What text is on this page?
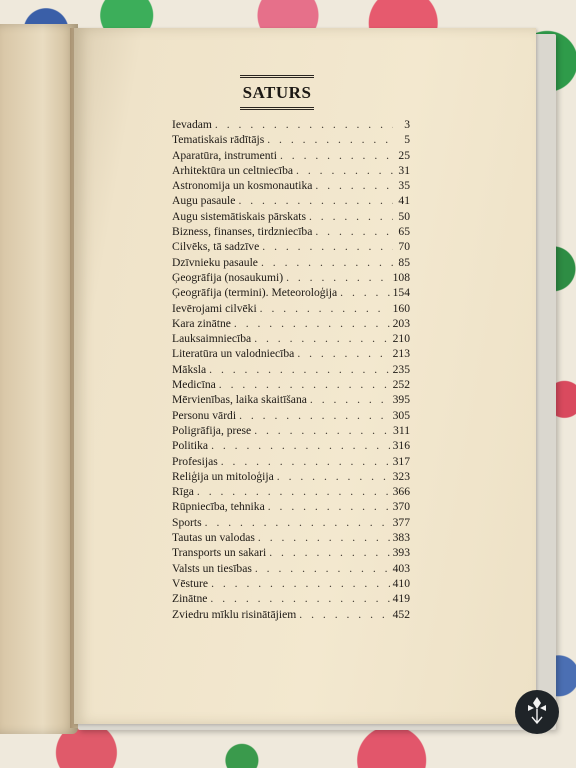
SATURS
Ievadam . . .	3
Tematiskais rādītājs . . .	5
Aparatūra, instrumenti . . .	25
Arhitektūra un celtniecība . . .	31
Astronomija un kosmonautika . . .	35
Augu pasaule . . .	41
Augu sistemātiskais pārskats . . .	50
Bizness, finanses, tirdzniecība . . .	65
Cilvēks, tā sadzīve . . .	70
Dzīvnieku pasaule . . .	85
Ģeogrāfija (nosaukumi) . . .	108
Ģeogrāfija (termini). Meteoroloģija . . .	154
Ievērojami cilvēki . . .	160
Kara zinātne . . .	203
Lauksaimniecība . . .	210
Literatūra un valodniecība . . .	213
Māksla . . .	235
Medicīna . . .	252
Mērvienības, laika skaitīšana . . .	395
Personu vārdi . . .	305
Poligrāfija, prese . . .	311
Politika . . .	316
Profesijas . . .	317
Reliģija un mitoloģija . . .	323
Rīga . . .	366
Rūpniecība, tehnika . . .	370
Sports . . .	377
Tautas un valodas . . .	383
Transports un sakari . . .	393
Valsts un tiesības . . .	403
Vēsture . . .	410
Zinātne . . .	419
Zviedru mīklu risinātājiem . . .	452
